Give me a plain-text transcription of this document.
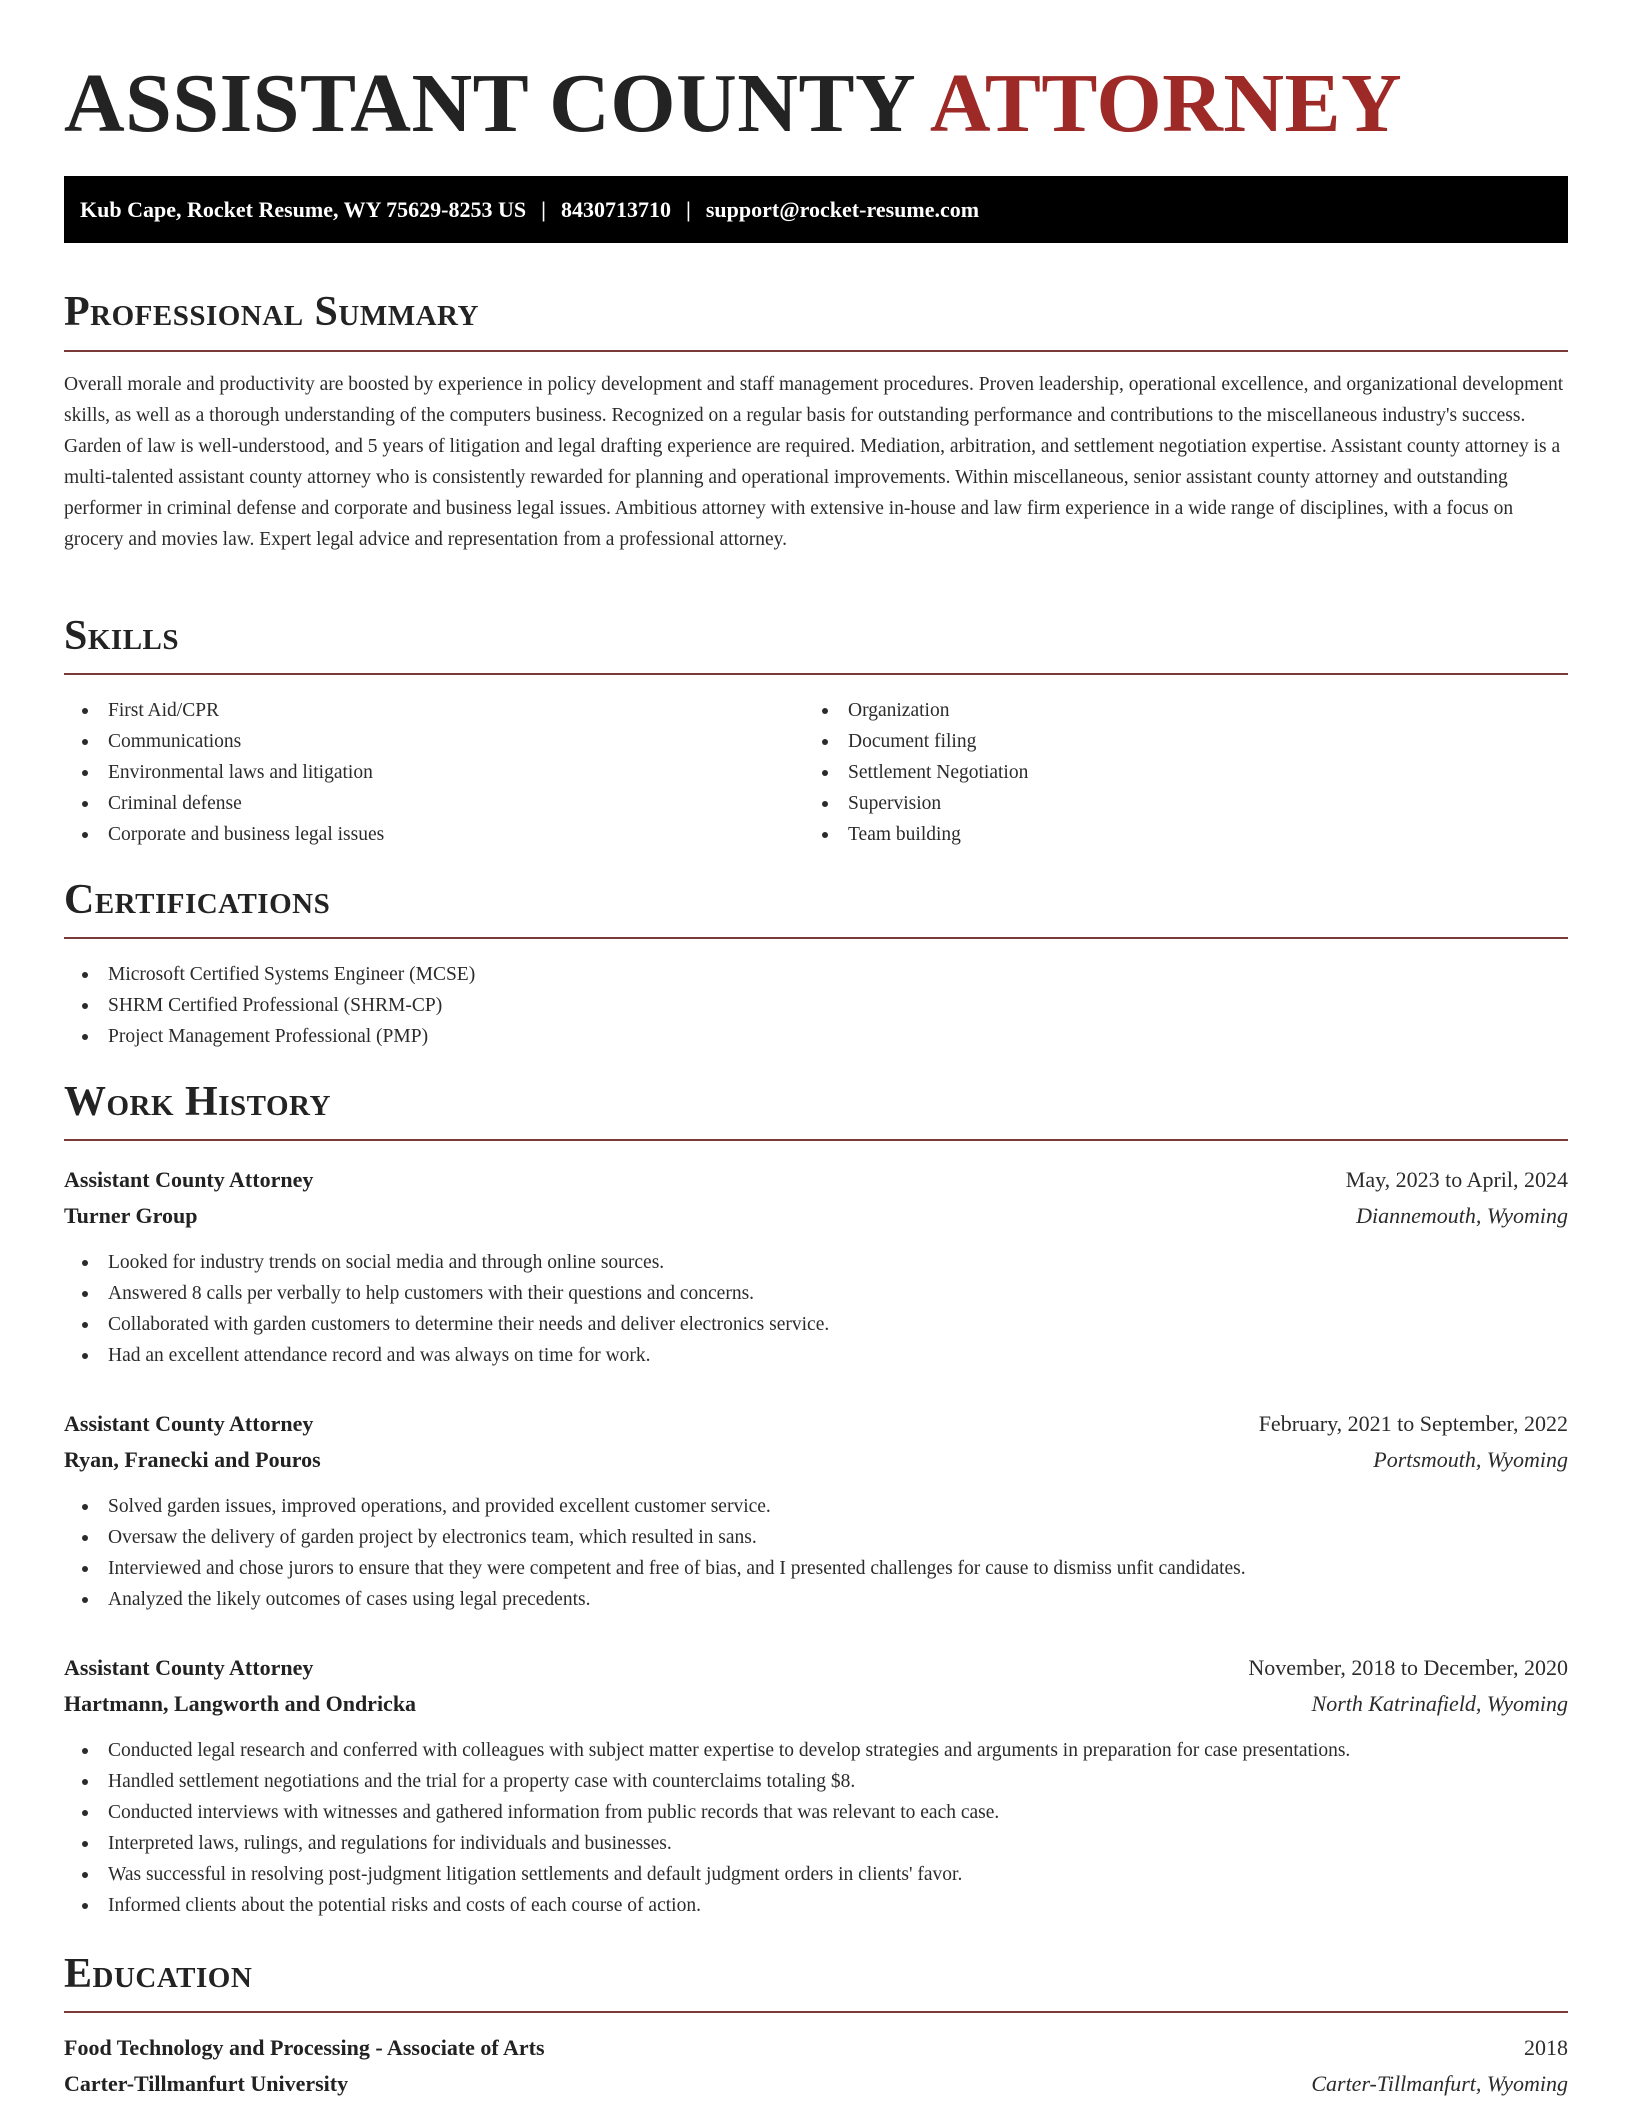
ASSISTANT COUNTY ATTORNEY
Kub Cape, Rocket Resume, WY 75629-8253 US | 8430713710 | support@rocket-resume.com
Professional Summary

Overall morale and productivity are boosted by experience in policy development and staff management procedures. Proven leadership, operational excellence, and organizational development skills, as well as a thorough understanding of the computers business. Recognized on a regular basis for outstanding performance and contributions to the miscellaneous industry's success. Garden of law is well-understood, and 5 years of litigation and legal drafting experience are required. Mediation, arbitration, and settlement negotiation expertise. Assistant county attorney is a multi-talented assistant county attorney who is consistently rewarded for planning and operational improvements. Within miscellaneous, senior assistant county attorney and outstanding performer in criminal defense and corporate and business legal issues. Ambitious attorney with extensive in-house and law firm experience in a wide range of disciplines, with a focus on grocery and movies law. Expert legal advice and representation from a professional attorney.

Skills
First Aid/CPR
Communications
Environmental laws and litigation
Criminal defense
Corporate and business legal issues
Organization
Document filing
Settlement Negotiation
Supervision
Team building
Certifications
Microsoft Certified Systems Engineer (MCSE)
SHRM Certified Professional (SHRM-CP)
Project Management Professional (PMP)
Work History
Assistant County Attorney	May, 2023 to April, 2024
Turner Group	Diannemouth, Wyoming
Looked for industry trends on social media and through online sources.
Answered 8 calls per verbally to help customers with their questions and concerns.
Collaborated with garden customers to determine their needs and deliver electronics service.
Had an excellent attendance record and was always on time for work.
Assistant County Attorney	February, 2021 to September, 2022
Ryan, Franecki and Pouros	Portsmouth, Wyoming
Solved garden issues, improved operations, and provided excellent customer service.
Oversaw the delivery of garden project by electronics team, which resulted in sans.
Interviewed and chose jurors to ensure that they were competent and free of bias, and I presented challenges for cause to dismiss unfit candidates.
Analyzed the likely outcomes of cases using legal precedents.
Assistant County Attorney	November, 2018 to December, 2020
Hartmann, Langworth and Ondricka	North Katrinafield, Wyoming
Conducted legal research and conferred with colleagues with subject matter expertise to develop strategies and arguments in preparation for case presentations.
Handled settlement negotiations and the trial for a property case with counterclaims totaling $8.
Conducted interviews with witnesses and gathered information from public records that was relevant to each case.
Interpreted laws, rulings, and regulations for individuals and businesses.
Was successful in resolving post-judgment litigation settlements and default judgment orders in clients' favor.
Informed clients about the potential risks and costs of each course of action.
Education
Food Technology and Processing - Associate of Arts	2018
Carter-Tillmanfurt University	Carter-Tillmanfurt, Wyoming
